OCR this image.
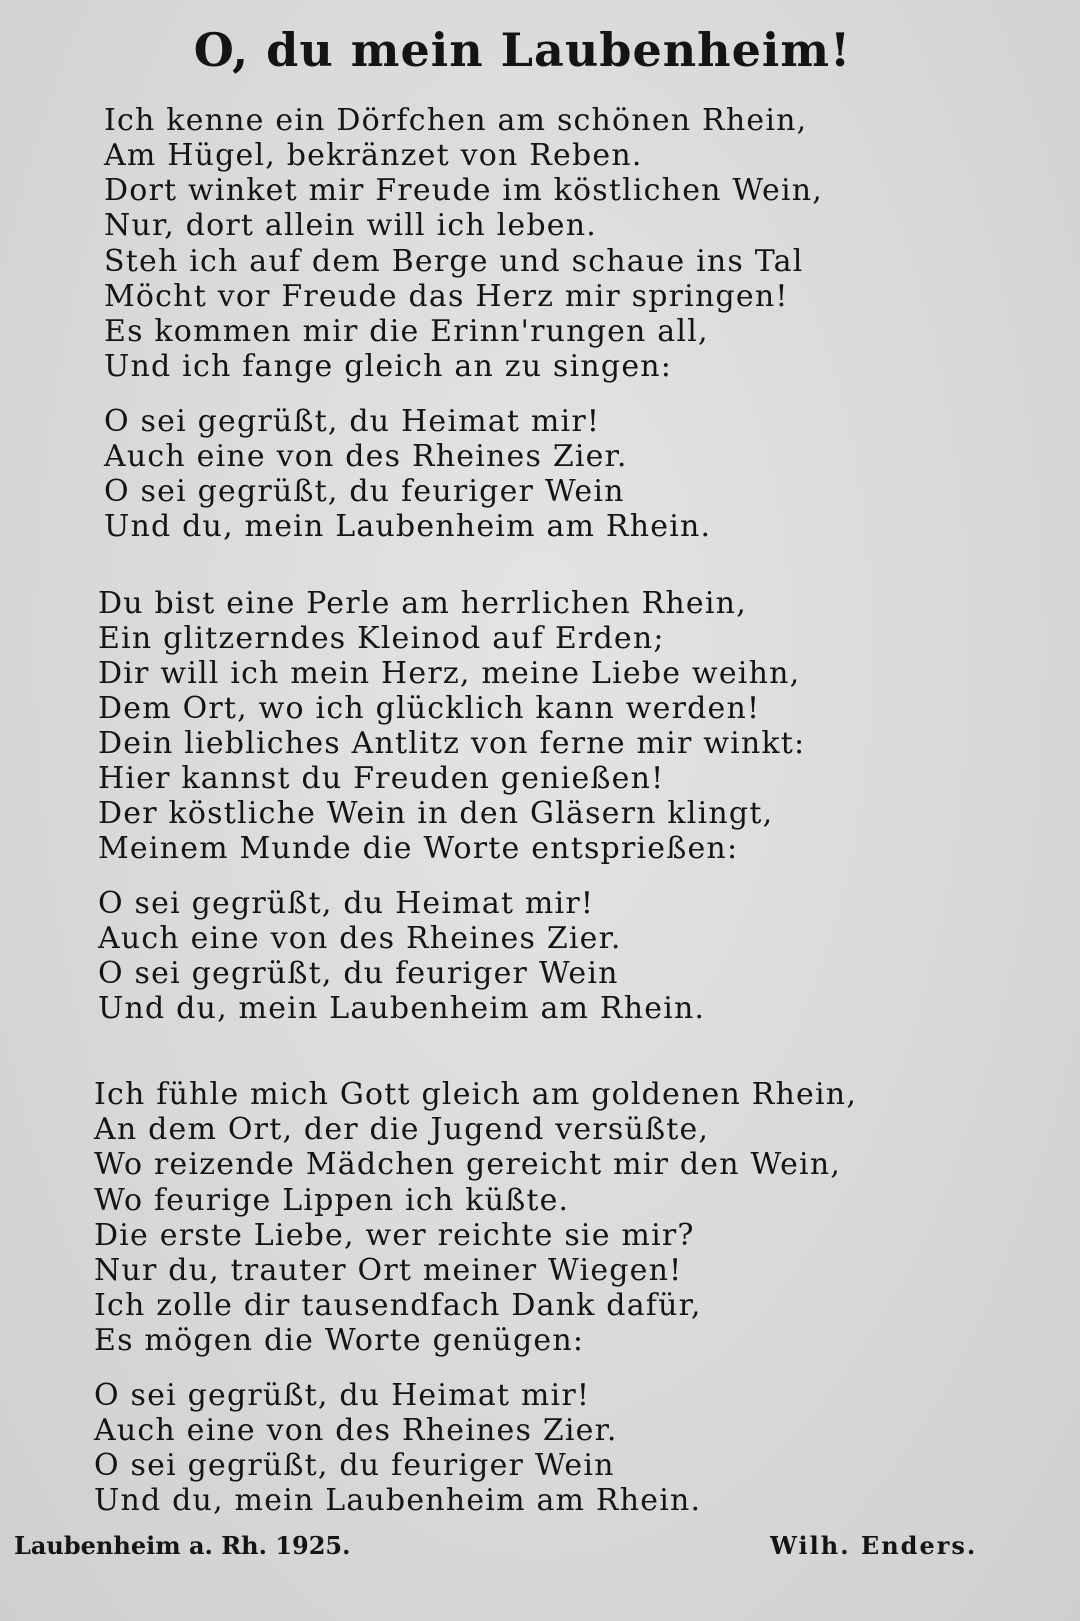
O, du mein Laubenheim!
Ich kenne ein Dörfchen am schönen Rhein,
Am Hügel, bekränzet von Reben.
Dort winket mir Freude im köstlichen Wein,
Nur, dort allein will ich leben.
Steh ich auf dem Berge und schaue ins Tal
Möcht vor Freude das Herz mir springen!
Es kommen mir die Erinn'rungen all,
Und ich fange gleich an zu singen:
O sei gegrüßt, du Heimat mir!
Auch eine von des Rheines Zier.
O sei gegrüßt, du feuriger Wein
Und du, mein Laubenheim am Rhein.
Du bist eine Perle am herrlichen Rhein,
Ein glitzerndes Kleinod auf Erden;
Dir will ich mein Herz, meine Liebe weihn,
Dem Ort, wo ich glücklich kann werden!
Dein liebliches Antlitz von ferne mir winkt:
Hier kannst du Freuden genießen!
Der köstliche Wein in den Gläsern klingt,
Meinem Munde die Worte entsprießen:
O sei gegrüßt, du Heimat mir!
Auch eine von des Rheines Zier.
O sei gegrüßt, du feuriger Wein
Und du, mein Laubenheim am Rhein.
Ich fühle mich Gott gleich am goldenen Rhein,
An dem Ort, der die Jugend versüßte,
Wo reizende Mädchen gereicht mir den Wein,
Wo feurige Lippen ich küßte.
Die erste Liebe, wer reichte sie mir?
Nur du, trauter Ort meiner Wiegen!
Ich zolle dir tausendfach Dank dafür,
Es mögen die Worte genügen:
O sei gegrüßt, du Heimat mir!
Auch eine von des Rheines Zier.
O sei gegrüßt, du feuriger Wein
Und du, mein Laubenheim am Rhein.
Laubenheim a. Rh. 1925.	Wilh. Enders.
